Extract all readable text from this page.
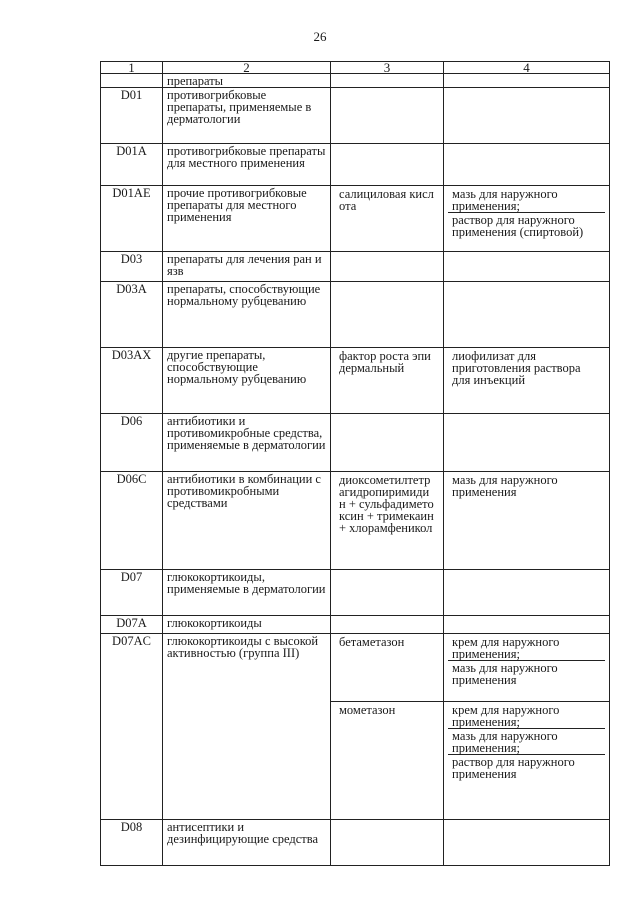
26
1	2	3	4
	препараты		
D01	противогрибковые препараты, применяемые в дерматологии		
D01A	противогрибковые препараты для местного применения		
D01AE	прочие противогрибковые препараты для местного применения	салициловая кислота	мазь для наружного применения;
раствор для наружного применения (спиртовой)

D03	препараты для лечения ран и язв		
D03A	препараты, способствующие нормальному рубцеванию		
D03AX	другие препараты, способствующие нормальному рубцеванию	фактор роста эпидермальный	лиофилизат для приготовления раствора для инъекций

D06	антибиотики и противомикробные средства, применяемые в дерматологии		
D06C	антибиотики в комбинации с противомикробными средствами	диоксометилтетрагидропиримидин + сульфадиметоксин + тримекаин + хлорамфеникол	мазь для наружного применения

D07	глюкокортикоиды, применяемые в дерматологии		
D07A	глюкокортикоиды		
D07AC	глюкокортикоиды с высокой активностью (группа III)	бетаметазон	крем для наружного применения;
мазь для наружного применения

		мометазон	крем для наружного применения;
мазь для наружного применения;
раствор для наружного применения

D08	антисептики и дезинфицирующие средства		
